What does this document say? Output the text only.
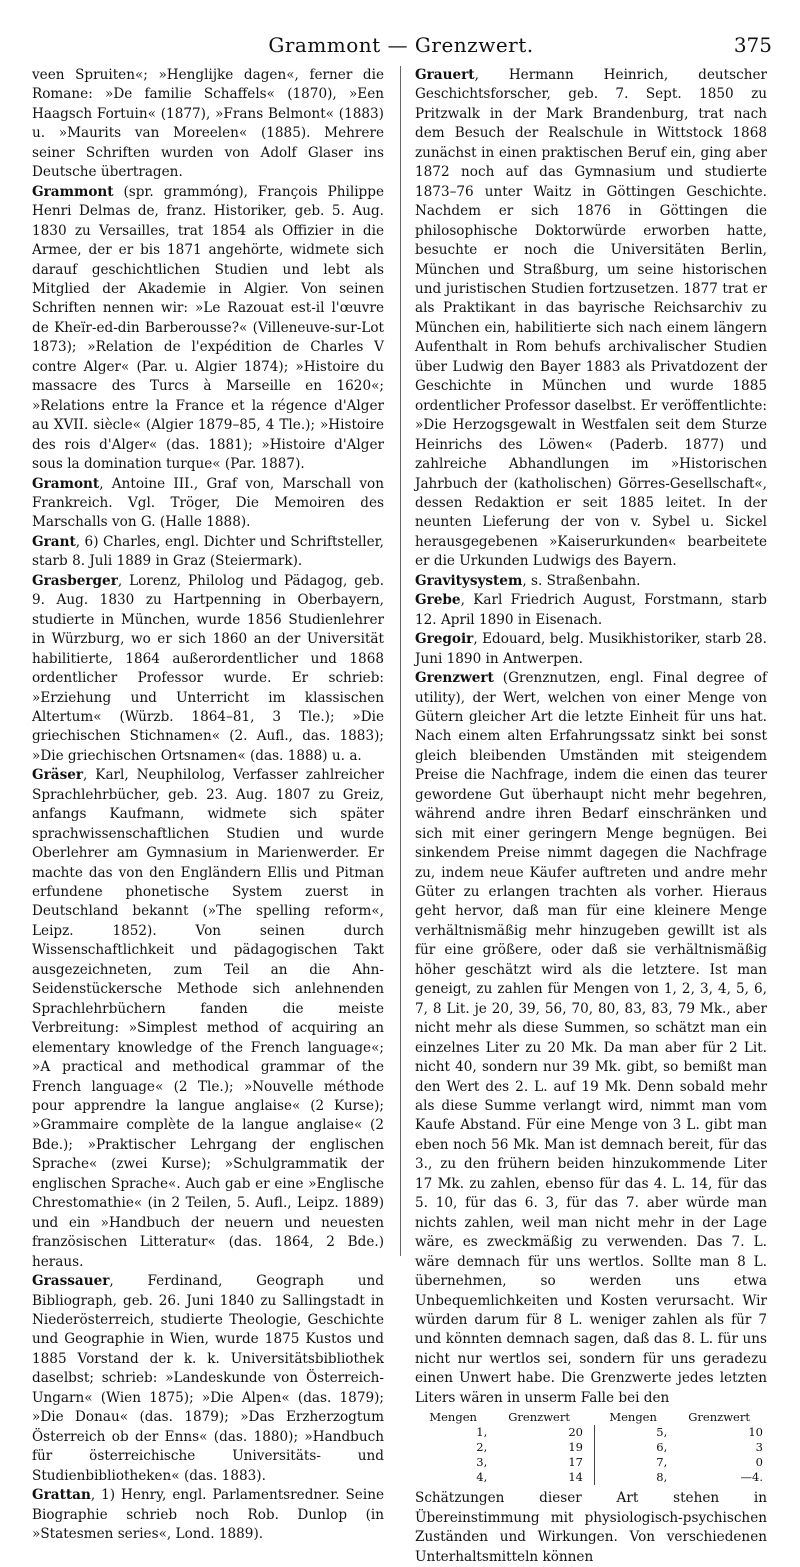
Grammont — Grenzwert.	375

veen Spruiten«; »Henglijke dagen«, ferner die Romane: »De familie Schaffels« (1870), »Een Haagsch Fortuin« (1877), »Frans Belmont« (1883) u. »Maurits van Moreelen« (1885). Mehrere seiner Schriften wurden von Adolf Glaser ins Deutsche übertragen.

Grammont (spr. grammóng), François Philippe Henri Delmas de, franz. Historiker, geb. 5. Aug. 1830 zu Versailles, trat 1854 als Offizier in die Armee, der er bis 1871 angehörte, widmete sich darauf geschichtlichen Studien und lebt als Mitglied der Akademie in Algier. Von seinen Schriften nennen wir: »Le Razouat est-il l'œuvre de Kheïr-ed-din Barberousse?« (Villeneuve-sur-Lot 1873); »Relation de l'expédition de Charles V contre Alger« (Par. u. Algier 1874); »Histoire du massacre des Turcs à Marseille en 1620«; »Relations entre la France et la régence d'Alger au XVII. siècle« (Algier 1879–85, 4 Tle.); »Histoire des rois d'Alger« (das. 1881); »Histoire d'Alger sous la domination turque« (Par. 1887).

Gramont, Antoine III., Graf von, Marschall von Frankreich. Vgl. Tröger, Die Memoiren des Marschalls von G. (Halle 1888).

Grant, 6) Charles, engl. Dichter und Schriftsteller, starb 8. Juli 1889 in Graz (Steiermark).

Grasberger, Lorenz, Philolog und Pädagog, geb. 9. Aug. 1830 zu Hartpenning in Oberbayern, studierte in München, wurde 1856 Studienlehrer in Würzburg, wo er sich 1860 an der Universität habilitierte, 1864 außerordentlicher und 1868 ordentlicher Professor wurde. Er schrieb: »Erziehung und Unterricht im klassischen Altertum« (Würzb. 1864–81, 3 Tle.); »Die griechischen Stichnamen« (2. Aufl., das. 1883); »Die griechischen Ortsnamen« (das. 1888) u. a.

Gräser, Karl, Neuphilolog, Verfasser zahlreicher Sprachlehrbücher, geb. 23. Aug. 1807 zu Greiz, anfangs Kaufmann, widmete sich später sprachwissenschaftlichen Studien und wurde Oberlehrer am Gymnasium in Marienwerder. Er machte das von den Engländern Ellis und Pitman erfundene phonetische System zuerst in Deutschland bekannt (»The spelling reform«, Leipz. 1852). Von seinen durch Wissenschaftlichkeit und pädagogischen Takt ausgezeichneten, zum Teil an die Ahn-Seidenstückersche Methode sich anlehnenden Sprachlehrbüchern fanden die meiste Verbreitung: »Simplest method of acquiring an elementary knowledge of the French language«; »A practical and methodical grammar of the French language« (2 Tle.); »Nouvelle méthode pour apprendre la langue anglaise« (2 Kurse); »Grammaire complète de la langue anglaise« (2 Bde.); »Praktischer Lehrgang der englischen Sprache« (zwei Kurse); »Schulgrammatik der englischen Sprache«. Auch gab er eine »Englische Chrestomathie« (in 2 Teilen, 5. Aufl., Leipz. 1889) und ein »Handbuch der neuern und neuesten französischen Litteratur« (das. 1864, 2 Bde.) heraus.

Grassauer, Ferdinand, Geograph und Bibliograph, geb. 26. Juni 1840 zu Sallingstadt in Niederösterreich, studierte Theologie, Geschichte und Geographie in Wien, wurde 1875 Kustos und 1885 Vorstand der k. k. Universitätsbibliothek daselbst; schrieb: »Landeskunde von Österreich-Ungarn« (Wien 1875); »Die Alpen« (das. 1879); »Die Donau« (das. 1879); »Das Erzherzogtum Österreich ob der Enns« (das. 1880); »Handbuch für österreichische Universitäts- und Studienbibliotheken« (das. 1883).

Grattan, 1) Henry, engl. Parlamentsredner. Seine Biographie schrieb noch Rob. Dunlop (in »Statesmen series«, Lond. 1889).

Grauert, Hermann Heinrich, deutscher Geschichtsforscher, geb. 7. Sept. 1850 zu Pritzwalk in der Mark Brandenburg, trat nach dem Besuch der Realschule in Wittstock 1868 zunächst in einen praktischen Beruf ein, ging aber 1872 noch auf das Gymnasium und studierte 1873–76 unter Waitz in Göttingen Geschichte. Nachdem er sich 1876 in Göttingen die philosophische Doktorwürde erworben hatte, besuchte er noch die Universitäten Berlin, München und Straßburg, um seine historischen und juristischen Studien fortzusetzen. 1877 trat er als Praktikant in das bayrische Reichsarchiv zu München ein, habilitierte sich nach einem längern Aufenthalt in Rom behufs archivalischer Studien über Ludwig den Bayer 1883 als Privatdozent der Geschichte in München und wurde 1885 ordentlicher Professor daselbst. Er veröffentlichte: »Die Herzogsgewalt in Westfalen seit dem Sturze Heinrichs des Löwen« (Paderb. 1877) und zahlreiche Abhandlungen im »Historischen Jahrbuch der (katholischen) Görres-Gesellschaft«, dessen Redaktion er seit 1885 leitet. In der neunten Lieferung der von v. Sybel u. Sickel herausgegebenen »Kaiserurkunden« bearbeitete er die Urkunden Ludwigs des Bayern.

Gravitysystem, s. Straßenbahn.

Grebe, Karl Friedrich August, Forstmann, starb 12. April 1890 in Eisenach.

Gregoir, Edouard, belg. Musikhistoriker, starb 28. Juni 1890 in Antwerpen.

Grenzwert (Grenznutzen, engl. Final degree of utility), der Wert, welchen von einer Menge von Gütern gleicher Art die letzte Einheit für uns hat. Nach einem alten Erfahrungssatz sinkt bei sonst gleich bleibenden Umständen mit steigendem Preise die Nachfrage, indem die einen das teurer gewordene Gut überhaupt nicht mehr begehren, während andre ihren Bedarf einschränken und sich mit einer geringern Menge begnügen. Bei sinkendem Preise nimmt dagegen die Nachfrage zu, indem neue Käufer auftreten und andre mehr Güter zu erlangen trachten als vorher. Hieraus geht hervor, daß man für eine kleinere Menge verhältnismäßig mehr hinzugeben gewillt ist als für eine größere, oder daß sie verhältnismäßig höher geschätzt wird als die letztere. Ist man geneigt, zu zahlen für Mengen von 1, 2, 3, 4, 5, 6, 7, 8 Lit. je 20, 39, 56, 70, 80, 83, 83, 79 Mk., aber nicht mehr als diese Summen, so schätzt man ein einzelnes Liter zu 20 Mk. Da man aber für 2 Lit. nicht 40, sondern nur 39 Mk. gibt, so bemißt man den Wert des 2. L. auf 19 Mk. Denn sobald mehr als diese Summe verlangt wird, nimmt man vom Kaufe Abstand. Für eine Menge von 3 L. gibt man eben noch 56 Mk. Man ist demnach bereit, für das 3., zu den frühern beiden hinzukommende Liter 17 Mk. zu zahlen, ebenso für das 4. L. 14, für das 5. 10, für das 6. 3, für das 7. aber würde man nichts zahlen, weil man nicht mehr in der Lage wäre, es zweckmäßig zu verwenden. Das 7. L. wäre demnach für uns wertlos. Sollte man 8 L. übernehmen, so werden uns etwa Unbequemlichkeiten und Kosten verursacht. Wir würden darum für 8 L. weniger zahlen als für 7 und könnten demnach sagen, daß das 8. L. für uns nicht nur wertlos sei, sondern für uns geradezu einen Unwert habe. Die Grenzwerte jedes letzten Liters wären in unserm Falle bei den

Mengen	Grenzwert		Mengen	Grenzwert
1,	20		5,	10
2,	19		6,	3
3,	17		7,	0
4,	14		8,	—4.

Schätzungen dieser Art stehen in Übereinstimmung mit physiologisch-psychischen Zuständen und Wirkungen. Von verschiedenen Unterhaltsmitteln können
